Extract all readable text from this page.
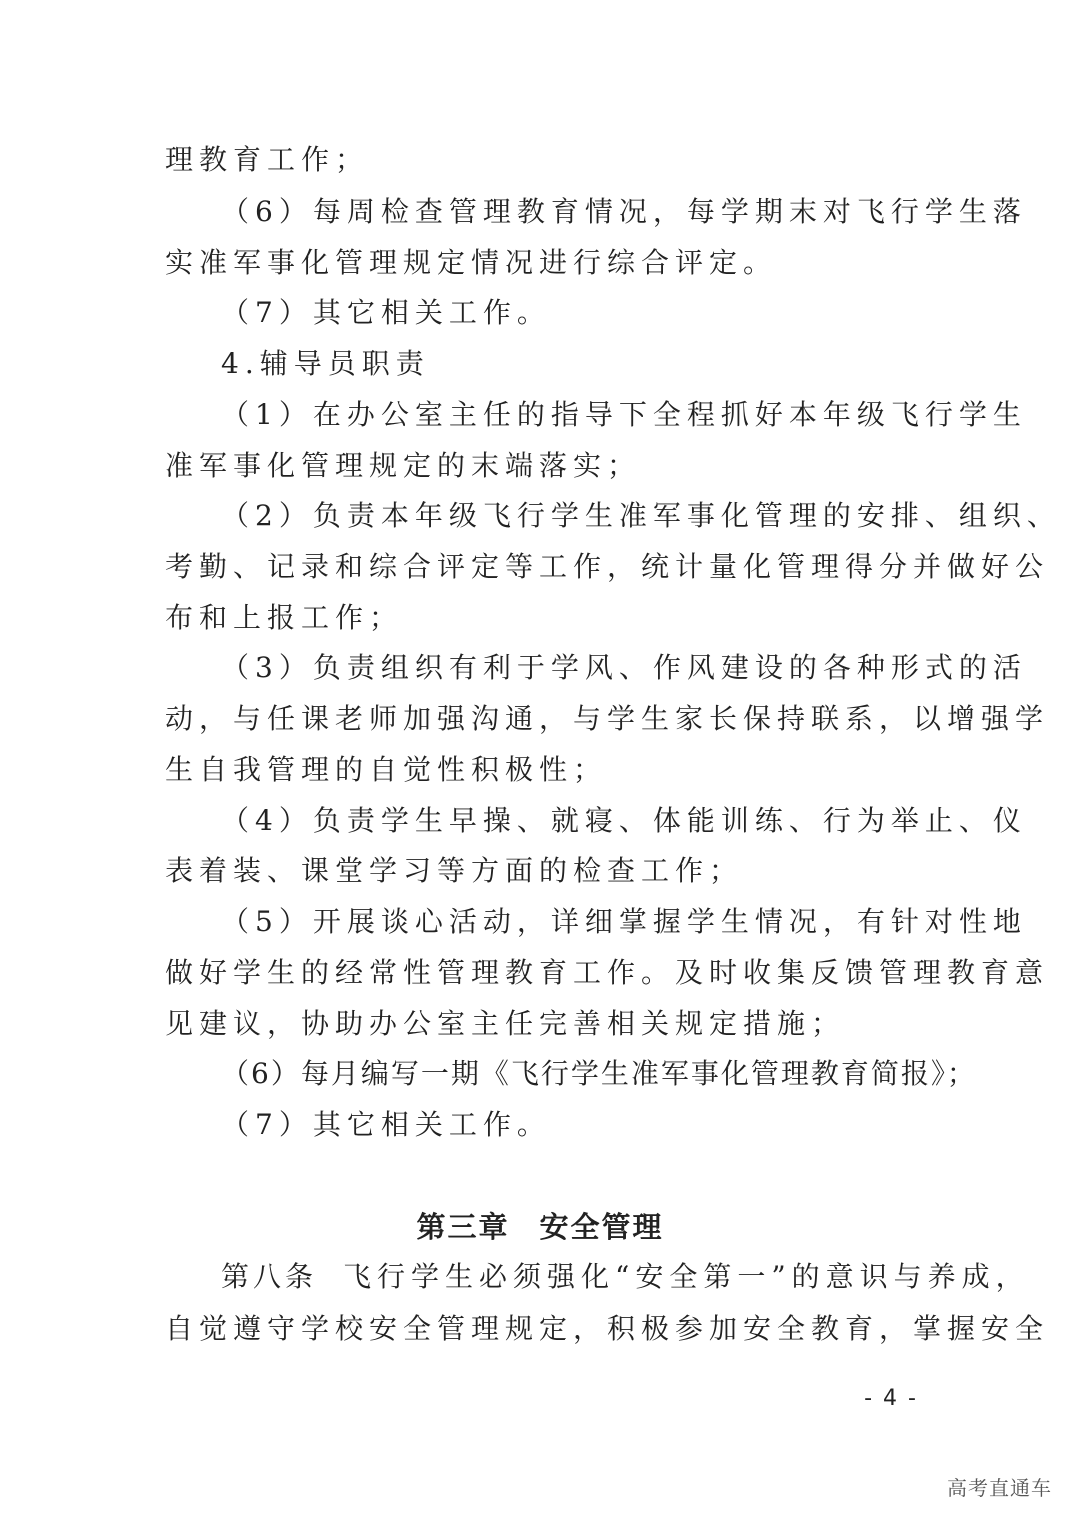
理教育工作；
（6）每周检查管理教育情况，每学期末对飞行学生落
实准军事化管理规定情况进行综合评定。
（7）其它相关工作。
4.辅导员职责
（1）在办公室主任的指导下全程抓好本年级飞行学生
准军事化管理规定的末端落实；
（2）负责本年级飞行学生准军事化管理的安排、组织、
考勤、记录和综合评定等工作，统计量化管理得分并做好公
布和上报工作；
（3）负责组织有利于学风、作风建设的各种形式的活
动，与任课老师加强沟通，与学生家长保持联系，以增强学
生自我管理的自觉性积极性；
（4）负责学生早操、就寝、体能训练、行为举止、仪
表着装、课堂学习等方面的检查工作；
（5）开展谈心活动，详细掌握学生情况，有针对性地
做好学生的经常性管理教育工作。及时收集反馈管理教育意
见建议，协助办公室主任完善相关规定措施；
（6）每月编写一期《飞行学生准军事化管理教育简报》；
（7）其它相关工作。
第三章 安全管理
第八条 飞行学生必须强化“安全第一”的意识与养成，
自觉遵守学校安全管理规定，积极参加安全教育，掌握安全
- 4 -
高考直通车
